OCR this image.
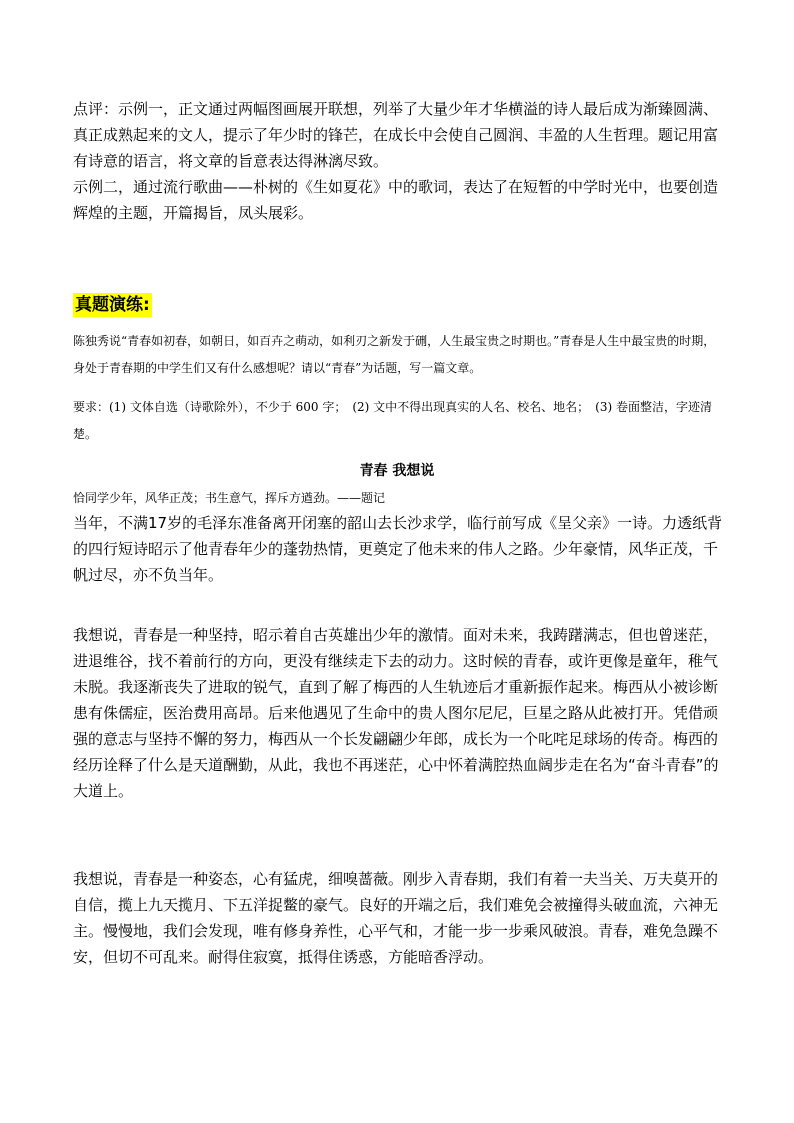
点评：示例一，正文通过两幅图画展开联想，列举了大量少年才华横溢的诗人最后成为渐臻圆满、真正成熟起来的文人，提示了年少时的锋芒，在成长中会使自己圆润、丰盈的人生哲理。题记用富有诗意的语言，将文章的旨意表达得淋漓尽致。

示例二，通过流行歌曲——朴树的《生如夏花》中的歌词，表达了在短暂的中学时光中，也要创造辉煌的主题，开篇揭旨，凤头展彩。

真题演练:

陈独秀说“青春如初春，如朝日，如百卉之萌动，如利刃之新发于硎，人生最宝贵之时期也。”青春是人生中最宝贵的时期，身处于青春期的中学生们又有什么感想呢？请以“青春”为话题，写一篇文章。

要求：(1) 文体自选（诗歌除外），不少于 600 字；　(2) 文中不得出现真实的人名、校名、地名；　(3) 卷面整洁，字迹清楚。

青春 我想说

恰同学少年，风华正茂；书生意气，挥斥方遒劲。——题记

当年，不满17岁的毛泽东准备离开闭塞的韶山去长沙求学，临行前写成《呈父亲》一诗。力透纸背的四行短诗昭示了他青春年少的蓬勃热情，更奠定了他未来的伟人之路。少年豪情，风华正茂，千帆过尽，亦不负当年。

我想说，青春是一种坚持，昭示着自古英雄出少年的激情。面对未来，我踌躇满志，但也曾迷茫，进退维谷，找不着前行的方向，更没有继续走下去的动力。这时候的青春，或许更像是童年，稚气未脱。我逐渐丧失了进取的锐气，直到了解了梅西的人生轨迹后才重新振作起来。梅西从小被诊断患有侏儒症，医治费用高昂。后来他遇见了生命中的贵人图尔尼尼，巨星之路从此被打开。凭借顽强的意志与坚持不懈的努力，梅西从一个长发翩翩少年郎，成长为一个叱咤足球场的传奇。梅西的经历诠释了什么是天道酬勤，从此，我也不再迷茫，心中怀着满腔热血阔步走在名为“奋斗青春”的大道上。

我想说，青春是一种姿态，心有猛虎，细嗅蔷薇。刚步入青春期，我们有着一夫当关、万夫莫开的自信，揽上九天揽月、下五洋捉鳖的豪气。良好的开端之后，我们难免会被撞得头破血流，六神无主。慢慢地，我们会发现，唯有修身养性，心平气和，才能一步一步乘风破浪。青春，难免急躁不安，但切不可乱来。耐得住寂寞，抵得住诱惑，方能暗香浮动。
